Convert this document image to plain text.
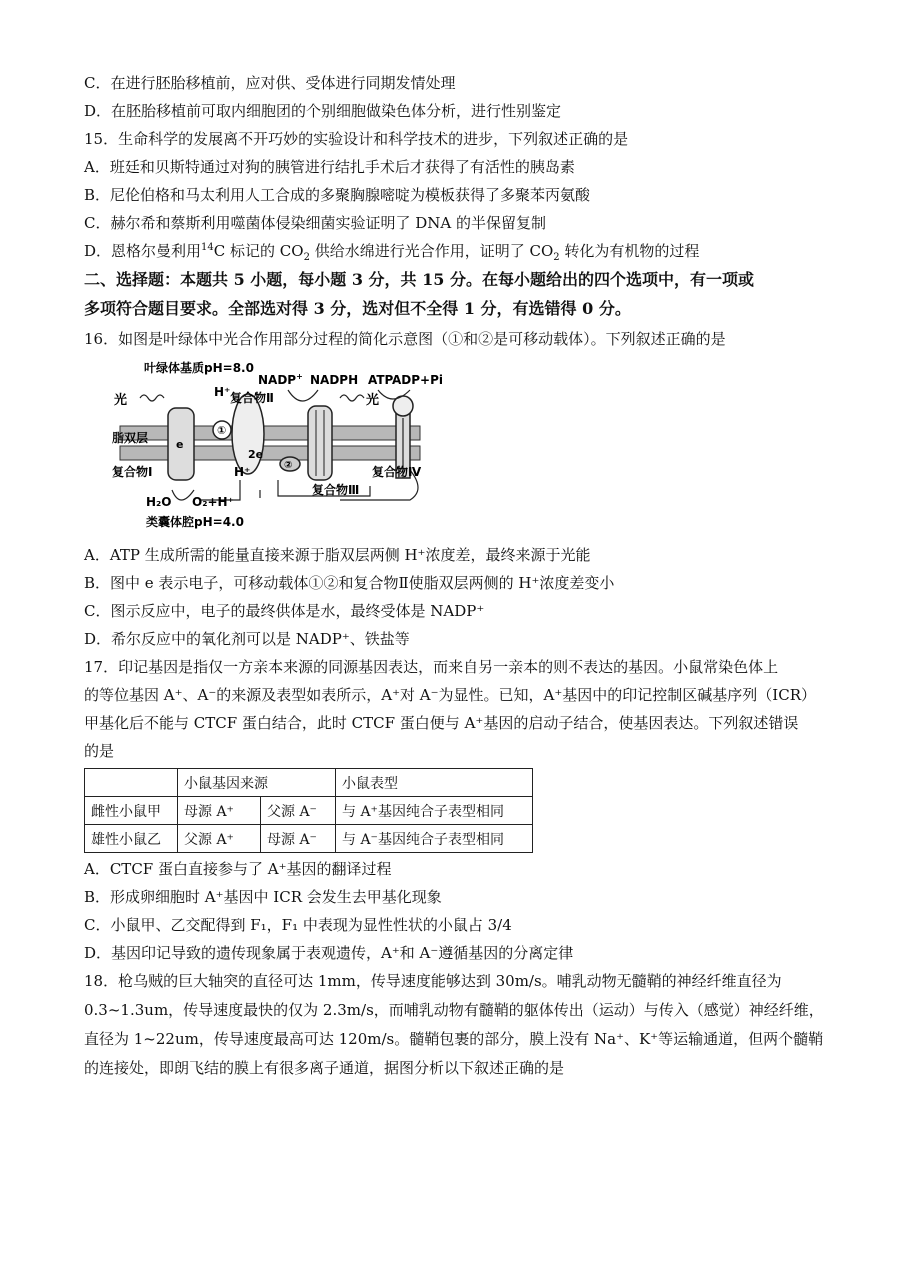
C．在进行胚胎移植前，应对供、受体进行同期发情处理
D．在胚胎移植前可取内细胞团的个别细胞做染色体分析，进行性别鉴定
15．生命科学的发展离不开巧妙的实验设计和科学技术的进步，下列叙述正确的是
A．班廷和贝斯特通过对狗的胰管进行结扎手术后才获得了有活性的胰岛素
B．尼伦伯格和马太利用人工合成的多聚胸腺嘧啶为模板获得了多聚苯丙氨酸
C．赫尔希和蔡斯利用噬菌体侵染细菌实验证明了 DNA 的半保留复制
D．恩格尔曼利用$^{14}$C 标记的 $CO_2$ 供给水绵进行光合作用，证明了 $CO_2$ 转化为有机物的过程
二、选择题：本题共 5 小题，每小题 3 分，共 15 分。在每小题给出的四个选项中，有一项或
多项符合题目要求。全部选对得 3 分，选对但不全得 1 分，有选错得 0 分。
16．如图是叶绿体中光合作用部分过程的简化示意图（①和②是可移动载体）。下列叙述正确的是
叶绿体基质pH=8.0
光
H⁺ 复合物Ⅱ
NADP+ NADPH ATP
ADP+Pi
光
脂双层	e
①
2e
②
复合物Ⅰ	H⁺
复合物Ⅲ
复合物Ⅳ
H₂O O₂+H⁺
类囊体腔pH=4.0
A．ATP 生成所需的能量直接来源于脂双层两侧 H⁺浓度差，最终来源于光能
B．图中 e 表示电子，可移动载体①②和复合物Ⅱ使脂双层两侧的 H⁺浓度差变小
C．图示反应中，电子的最终供体是水，最终受体是 NADP⁺
D．希尔反应中的氧化剂可以是 NADP⁺、铁盐等
17．印记基因是指仅一方亲本来源的同源基因表达，而来自另一亲本的则不表达的基因。小鼠常染色体上
的等位基因 A⁺、A⁻的来源及表型如表所示，A⁺对 A⁻为显性。已知，A⁺基因中的印记控制区碱基序列（ICR）
甲基化后不能与 CTCF 蛋白结合，此时 CTCF 蛋白便与 A⁺基因的启动子结合，使基因表达。下列叙述错误
的是
	小鼠基因来源		小鼠表型
雌性小鼠甲	母源 A⁺	父源 A⁻	与 A⁺基因纯合子表型相同
雄性小鼠乙	父源 A⁺	母源 A⁻	与 A⁻基因纯合子表型相同
A．CTCF 蛋白直接参与了 A⁺基因的翻译过程
B．形成卵细胞时 A⁺基因中 ICR 会发生去甲基化现象
C．小鼠甲、乙交配得到 F₁，F₁ 中表现为显性性状的小鼠占 3/4
D．基因印记导致的遗传现象属于表观遗传，A⁺和 A⁻遵循基因的分离定律
18．枪乌贼的巨大轴突的直径可达 1mm，传导速度能够达到 30m/s。哺乳动物无髓鞘的神经纤维直径为
0.3~1.3um，传导速度最快的仅为 2.3m/s，而哺乳动物有髓鞘的躯体传出（运动）与传入（感觉）神经纤维，
直径为 1~22um，传导速度最高可达 120m/s。髓鞘包裹的部分，膜上没有 Na⁺、K⁺等运输通道，但两个髓鞘
的连接处，即朗飞结的膜上有很多离子通道，据图分析以下叙述正确的是
